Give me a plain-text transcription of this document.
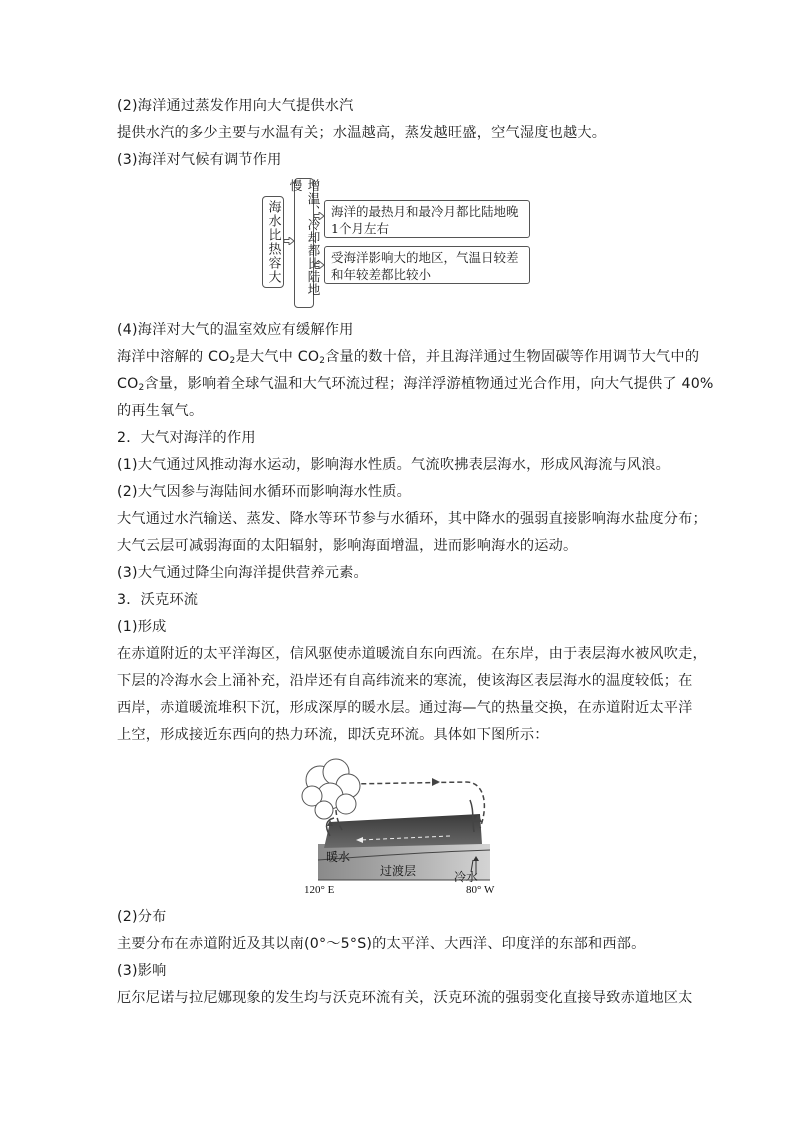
(2)海洋通过蒸发作用向大气提供水汽
提供水汽的多少主要与水温有关；水温越高，蒸发越旺盛，空气湿度也越大。
(3)海洋对气候有调节作用
海水比热容大	增温、冷却都比陆地慢
海洋的最热月和最冷月都比陆地晚1个月左右
受海洋影响大的地区，气温日较差和年较差都比较小
(4)海洋对大气的温室效应有缓解作用
海洋中溶解的 $CO_2$是大气中 $CO_2$含量的数十倍，并且海洋通过生物固碳等作用调节大气中的
$CO_2$含量，影响着全球气温和大气环流过程；海洋浮游植物通过光合作用，向大气提供了 40%
的再生氧气。
2．大气对海洋的作用
(1)大气通过风推动海水运动，影响海水性质。气流吹拂表层海水，形成风海流与风浪。
(2)大气因参与海陆间水循环而影响海水性质。
大气通过水汽输送、蒸发、降水等环节参与水循环，其中降水的强弱直接影响海水盐度分布；
大气云层可减弱海面的太阳辐射，影响海面增温，进而影响海水的运动。
(3)大气通过降尘向海洋提供营养元素。
3．沃克环流
(1)形成
在赤道附近的太平洋海区，信风驱使赤道暖流自东向西流。在东岸，由于表层海水被风吹走，
下层的冷海水会上涌补充，沿岸还有自高纬流来的寒流，使该海区表层海水的温度较低；在
西岸，赤道暖流堆积下沉，形成深厚的暖水层。通过海—气的热量交换，在赤道附近太平洋
上空，形成接近东西向的热力环流，即沃克环流。具体如下图所示：
暖水
过渡层	冷水
120° E	80° W
(2)分布
主要分布在赤道附近及其以南(0°～5°S)的太平洋、大西洋、印度洋的东部和西部。
(3)影响
厄尔尼诺与拉尼娜现象的发生均与沃克环流有关，沃克环流的强弱变化直接导致赤道地区太
